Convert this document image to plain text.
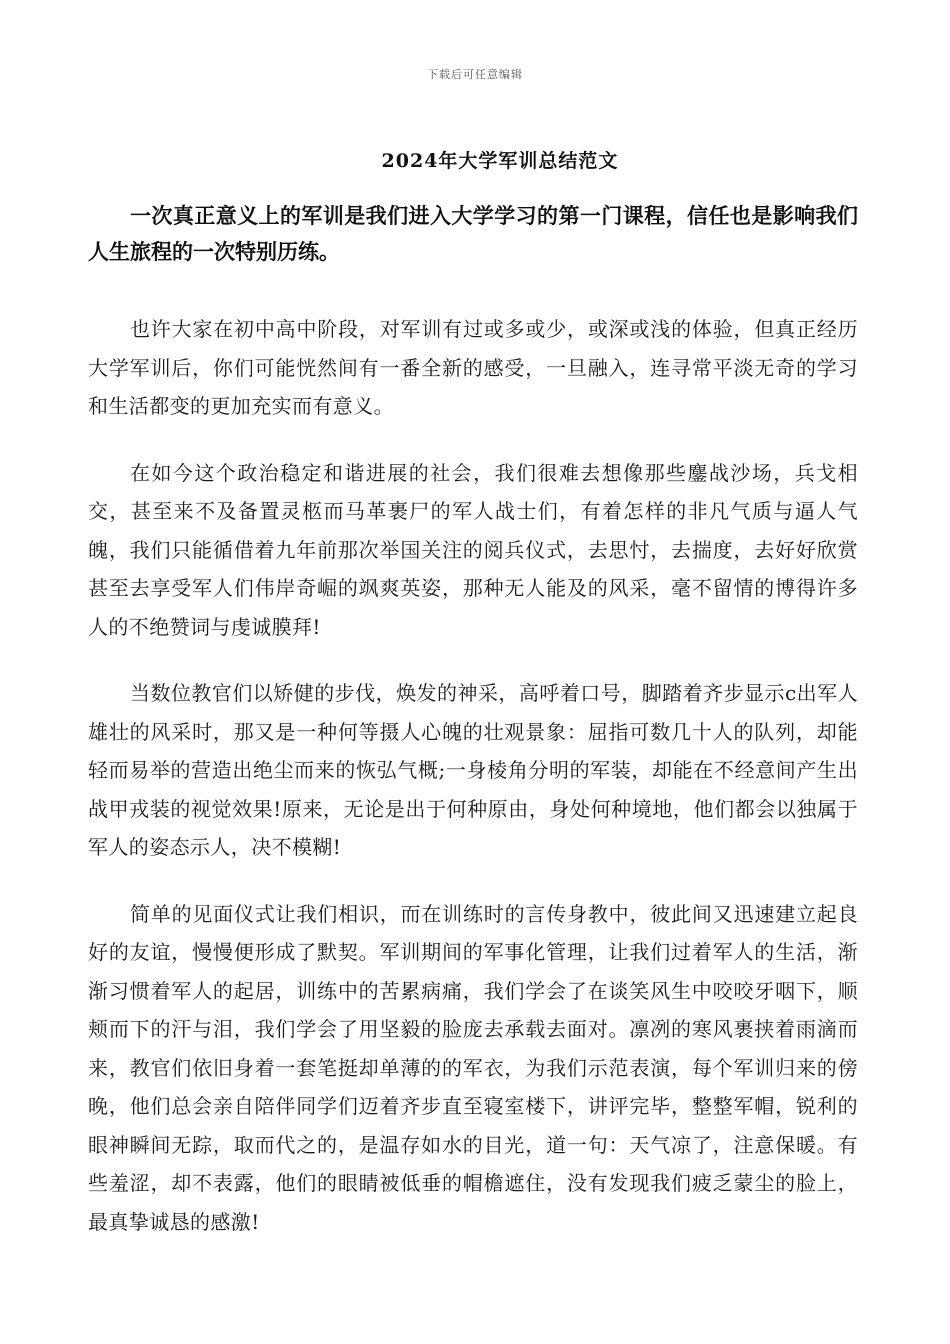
下载后可任意编辑
2024年大学军训总结范文

一次真正意义上的军训是我们进入大学学习的第一门课程，信任也是影响我们人生旅程的一次特别历练。

也许大家在初中高中阶段，对军训有过或多或少，或深或浅的体验，但真正经历大学军训后，你们可能恍然间有一番全新的感受，一旦融入，连寻常平淡无奇的学习和生活都变的更加充实而有意义。

在如今这个政治稳定和谐进展的社会，我们很难去想像那些鏖战沙场，兵戈相交，甚至来不及备置灵柩而马革裹尸的军人战士们，有着怎样的非凡气质与逼人气魄，我们只能循借着九年前那次举国关注的阅兵仪式，去思忖，去揣度，去好好欣赏甚至去享受军人们伟岸奇崛的飒爽英姿，那种无人能及的风采，毫不留情的博得许多人的不绝赞词与虔诚膜拜!

当数位教官们以矫健的步伐，焕发的神采，高呼着口号，脚踏着齐步显示c出军人雄壮的风采时，那又是一种何等摄人心魄的壮观景象：屈指可数几十人的队列，却能轻而易举的营造出绝尘而来的恢弘气概;一身棱角分明的军装，却能在不经意间产生出战甲戎装的视觉效果!原来，无论是出于何种原由，身处何种境地，他们都会以独属于军人的姿态示人，决不模糊!

简单的见面仪式让我们相识，而在训练时的言传身教中，彼此间又迅速建立起良好的友谊，慢慢便形成了默契。军训期间的军事化管理，让我们过着军人的生活，渐渐习惯着军人的起居，训练中的苦累病痛，我们学会了在谈笑风生中咬咬牙咽下，顺颊而下的汗与泪，我们学会了用坚毅的脸庞去承载去面对。凛冽的寒风裹挟着雨滴而来，教官们依旧身着一套笔挺却单薄的的军衣，为我们示范表演，每个军训归来的傍晚，他们总会亲自陪伴同学们迈着齐步直至寝室楼下，讲评完毕，整整军帽，锐利的眼神瞬间无踪，取而代之的，是温存如水的目光，道一句：天气凉了，注意保暖。有些羞涩，却不表露，他们的眼睛被低垂的帽檐遮住，没有发现我们疲乏蒙尘的脸上，最真挚诚恳的感激!
